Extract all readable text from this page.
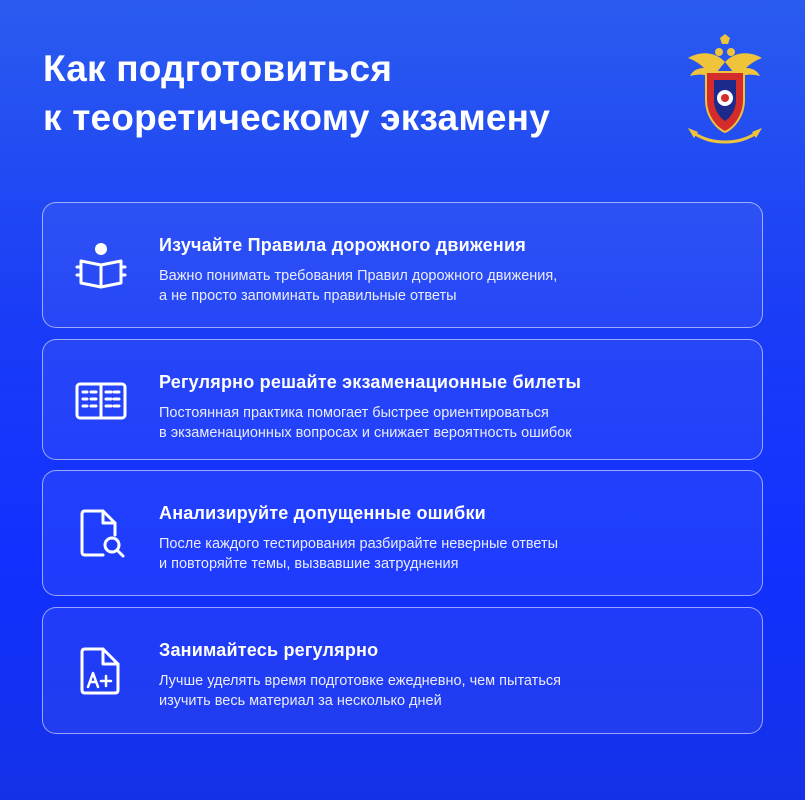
Как подготовиться
к теоретическому экзамену
Изучайте Правила дорожного движения

Важно понимать требования Правил дорожного движения,
а не просто запоминать правильные ответы

Регулярно решайте экзаменационные билеты

Постоянная практика помогает быстрее ориентироваться
в экзаменационных вопросах и снижает вероятность ошибок

Анализируйте допущенные ошибки

После каждого тестирования разбирайте неверные ответы
и повторяйте темы, вызвавшие затруднения

Занимайтесь регулярно

Лучше уделять время подготовке ежедневно, чем пытаться
изучить весь материал за несколько дней
